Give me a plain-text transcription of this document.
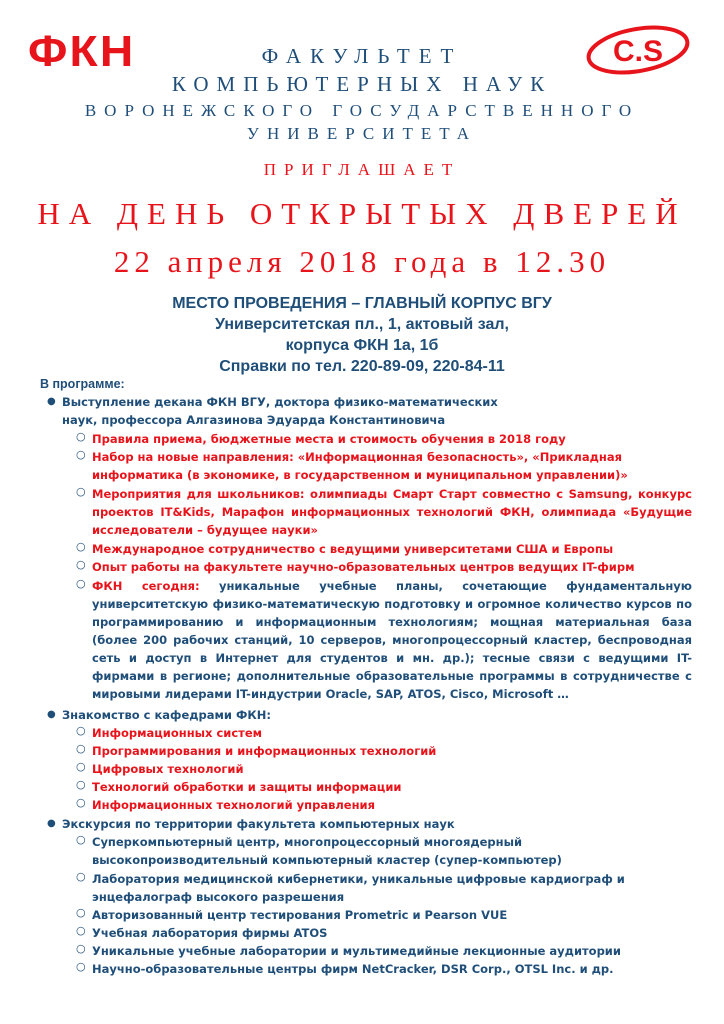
ФКН	C.S
ФАКУЛЬТЕТ
КОМПЬЮТЕРНЫХ НАУК
ВОРОНЕЖСКОГО ГОСУДАРСТВЕННОГО
УНИВЕРСИТЕТА
ПРИГЛАШАЕТ
НА ДЕНЬ ОТКРЫТЫХ ДВЕРЕЙ
22 апреля 2018 года в 12.30
МЕСТО ПРОВЕДЕНИЯ – ГЛАВНЫЙ КОРПУС ВГУ
Университетская пл., 1, актовый зал,
корпуса ФКН 1а, 1б
Справки по тел. 220-89-09, 220-84-11
В программе:
● Выступление декана ФКН ВГУ, доктора физико-математических наук, профессора Алгазинова Эдуарда Константиновича
○ Правила приема, бюджетные места и стоимость обучения в 2018 году
○ Набор на новые направления: «Информационная безопасность», «Прикладная информатика (в экономике, в государственном и муниципальном управлении)»
○ Мероприятия для школьников: олимпиады Смарт Старт совместно с Samsung, конкурс проектов IT&Kids, Марафон информационных технологий ФКН, олимпиада «Будущие исследователи – будущее науки»
○ Международное сотрудничество с ведущими университетами США и Европы
○ Опыт работы на факультете научно-образовательных центров ведущих IT-фирм
○ ФКН сегодня: уникальные учебные планы, сочетающие фундаментальную университетскую физико-математическую подготовку и огромное количество курсов по программированию и информационным технологиям; мощная материальная база (более 200 рабочих станций, 10 серверов, многопроцессорный кластер, беспроводная сеть и доступ в Интернет для студентов и мн. др.); тесные связи с ведущими IT-фирмами в регионе; дополнительные образовательные программы в сотрудничестве с мировыми лидерами IT-индустрии Oracle, SAP, ATOS, Cisco, Microsoft …
● Знакомство с кафедрами ФКН:
○ Информационных систем
○ Программирования и информационных технологий
○ Цифровых технологий
○ Технологий обработки и защиты информации
○ Информационных технологий управления
● Экскурсия по территории факультета компьютерных наук
○ Суперкомпьютерный центр, многопроцессорный многоядерный высокопроизводительный компьютерный кластер (супер-компьютер)
○ Лаборатория медицинской кибернетики, уникальные цифровые кардиограф и энцефалограф высокого разрешения
○ Авторизованный центр тестирования Prometric и Pearson VUE
○ Учебная лаборатория фирмы ATOS
○ Уникальные учебные лаборатории и мультимедийные лекционные аудитории
○ Научно-образовательные центры фирм NetCracker, DSR Corp., OTSL Inc. и др.
